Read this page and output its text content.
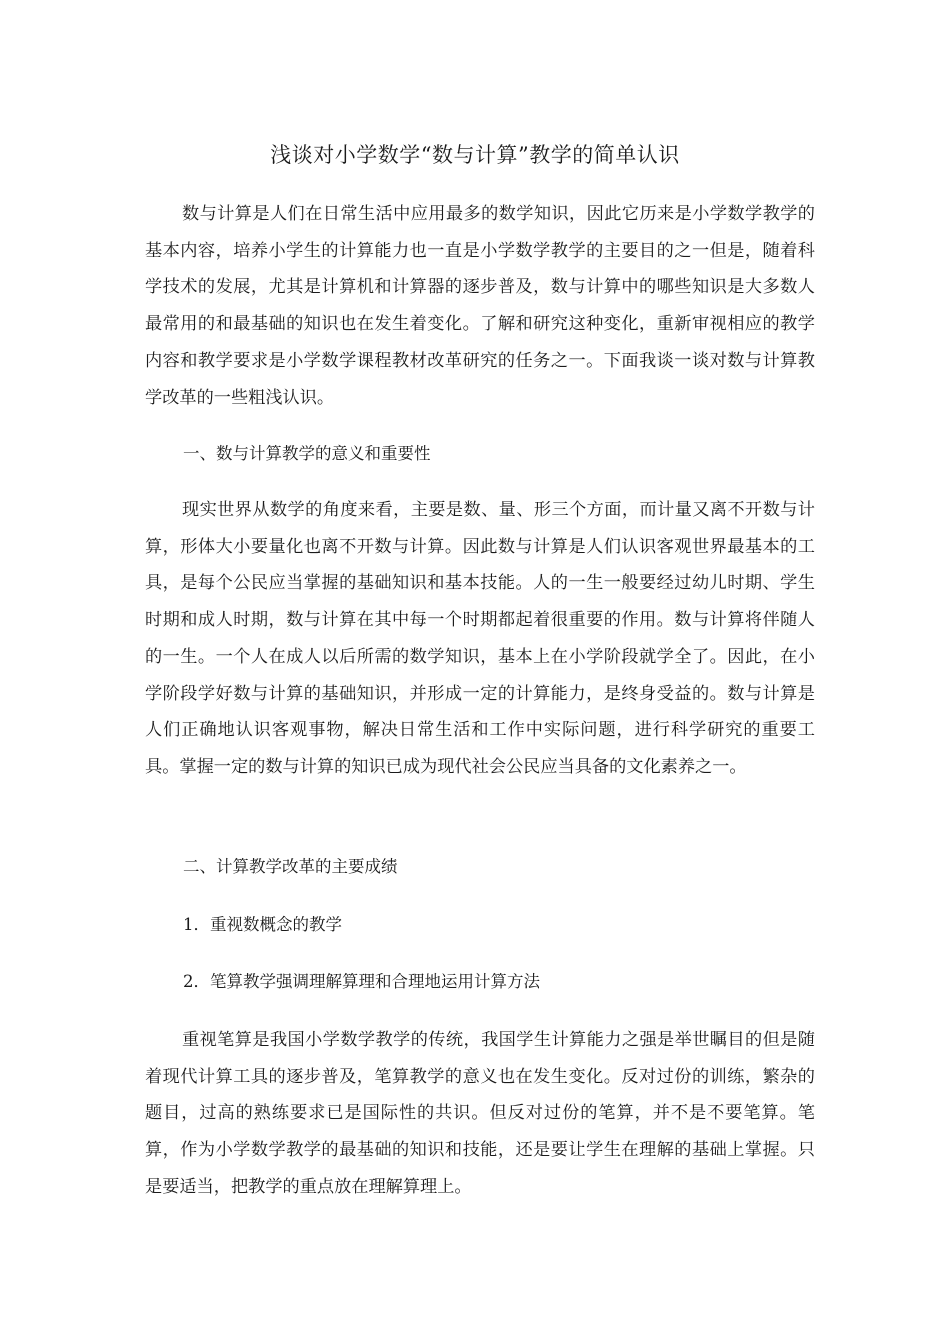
浅谈对小学数学“数与计算”教学的简单认识

数与计算是人们在日常生活中应用最多的数学知识，因此它历来是小学数学教学的基本内容，培养小学生的计算能力也一直是小学数学教学的主要目的之一但是，随着科学技术的发展，尤其是计算机和计算器的逐步普及，数与计算中的哪些知识是大多数人最常用的和最基础的知识也在发生着变化。了解和研究这种变化，重新审视相应的教学内容和教学要求是小学数学课程教材改革研究的任务之一。下面我谈一谈对数与计算教学改革的一些粗浅认识。

一、数与计算教学的意义和重要性

现实世界从数学的角度来看，主要是数、量、形三个方面，而计量又离不开数与计算，形体大小要量化也离不开数与计算。因此数与计算是人们认识客观世界最基本的工具，是每个公民应当掌握的基础知识和基本技能。人的一生一般要经过幼儿时期、学生时期和成人时期，数与计算在其中每一个时期都起着很重要的作用。数与计算将伴随人的一生。一个人在成人以后所需的数学知识，基本上在小学阶段就学全了。因此，在小学阶段学好数与计算的基础知识，并形成一定的计算能力，是终身受益的。数与计算是人们正确地认识客观事物，解决日常生活和工作中实际问题，进行科学研究的重要工具。掌握一定的数与计算的知识已成为现代社会公民应当具备的文化素养之一。

二、计算教学改革的主要成绩

1．重视数概念的教学

2．笔算教学强调理解算理和合理地运用计算方法

重视笔算是我国小学数学教学的传统，我国学生计算能力之强是举世瞩目的但是随着现代计算工具的逐步普及，笔算教学的意义也在发生变化。反对过份的训练，繁杂的题目，过高的熟练要求已是国际性的共识。但反对过份的笔算，并不是不要笔算。笔算，作为小学数学教学的最基础的知识和技能，还是要让学生在理解的基础上掌握。只是要适当，把教学的重点放在理解算理上。
